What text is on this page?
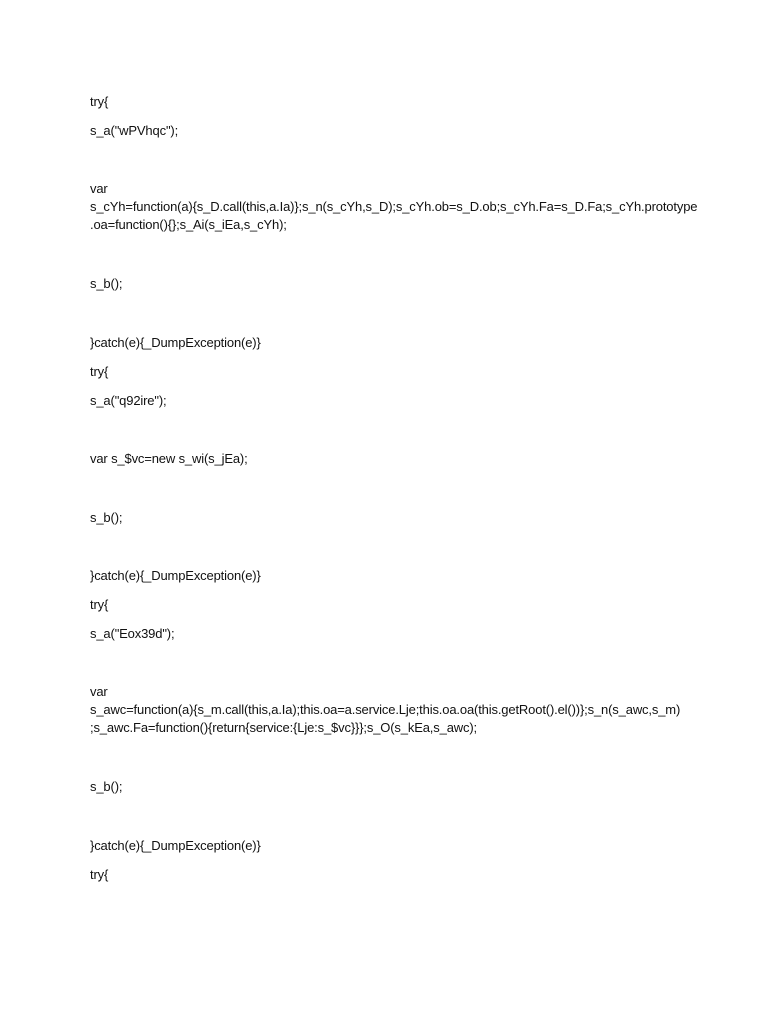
try{
s_a("wPVhqc");
var
s_cYh=function(a){s_D.call(this,a.Ia)};s_n(s_cYh,s_D);s_cYh.ob=s_D.ob;s_cYh.Fa=s_D.Fa;s_cYh.prototype
.oa=function(){};s_Ai(s_iEa,s_cYh);
s_b();
}catch(e){_DumpException(e)}
try{
s_a("q92ire");
var s_$vc=new s_wi(s_jEa);
s_b();
}catch(e){_DumpException(e)}
try{
s_a("Eox39d");
var
s_awc=function(a){s_m.call(this,a.Ia);this.oa=a.service.Lje;this.oa.oa(this.getRoot().el())};s_n(s_awc,s_m)
;s_awc.Fa=function(){return{service:{Lje:s_$vc}}};s_O(s_kEa,s_awc);
s_b();
}catch(e){_DumpException(e)}
try{
